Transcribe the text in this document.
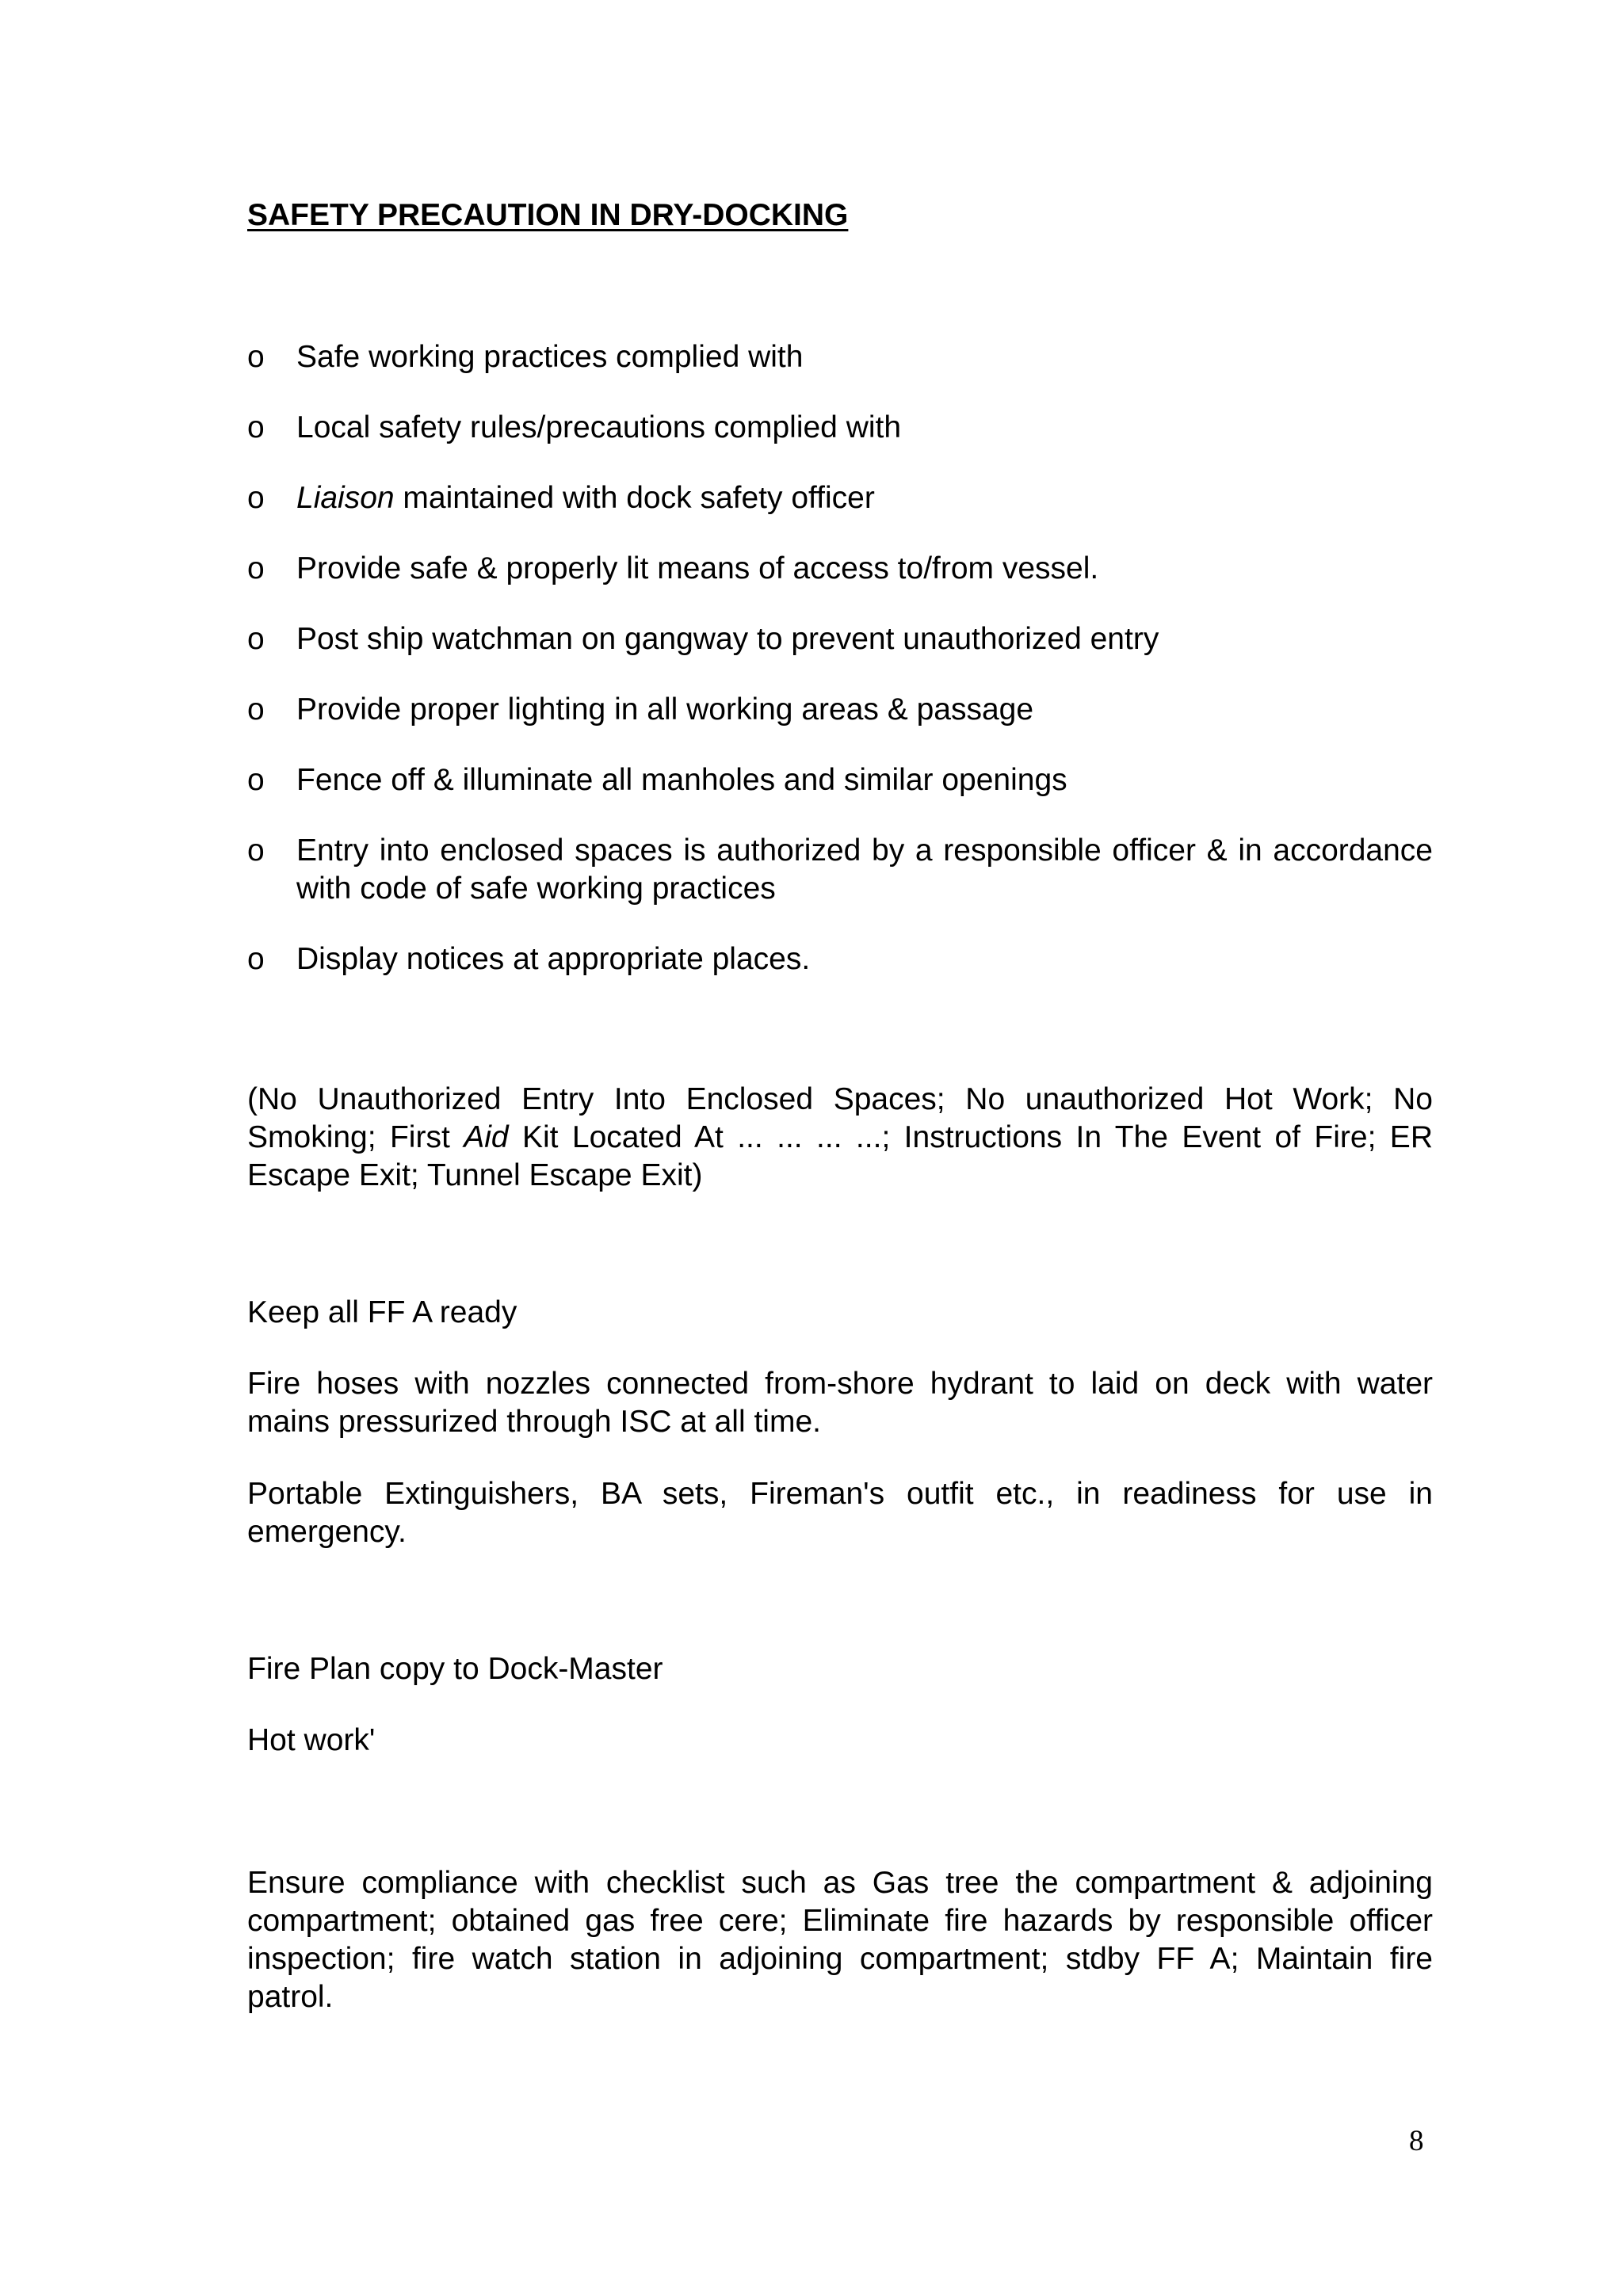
SAFETY PRECAUTION IN DRY-DOCKING
o Safe working practices complied with
o Local safety rules/precautions complied with
o Liaison maintained with dock safety officer
o Provide safe & properly lit means of access to/from vessel.
o Post ship watchman on gangway to prevent unauthorized entry
o Provide proper lighting in all working areas & passage
o Fence off & illuminate all manholes and similar openings
o Entry into enclosed spaces is authorized by a responsible officer & in accordance with code of safe working practices
o Display notices at appropriate places.

(No Unauthorized Entry Into Enclosed Spaces; No unauthorized Hot Work; No Smoking; First Aid Kit Located At ... ... ... ...; Instructions In The Event of Fire; ER Escape Exit; Tunnel Escape Exit)

Keep all FF A ready

Fire hoses with nozzles connected from-shore hydrant to laid on deck with water mains pressurized through ISC at all time.

Portable Extinguishers, BA sets, Fireman's outfit etc., in readiness for use in emergency.

Fire Plan copy to Dock-Master

Hot work'

Ensure compliance with checklist such as Gas tree the compartment & adjoining compartment; obtained gas free cere; Eliminate fire hazards by responsible officer inspection; fire watch station in adjoining compartment; stdby FF A; Maintain fire patrol.

8
